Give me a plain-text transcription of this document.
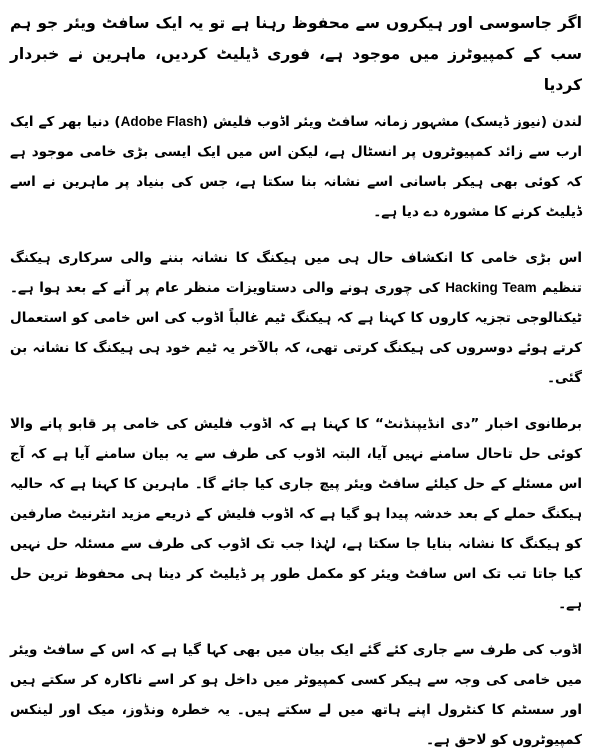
اگر جاسوسی اور ہیکروں سے محفوظ رہنا ہے تو یہ ایک سافٹ ویئر جو ہم سب کے کمپیوٹرز میں موجود ہے، فوری ڈیلیٹ کردیں، ماہرین نے خبردار کردیا

لندن (نیوز ڈیسک) مشہور زمانہ سافٹ ویئر اڈوب فلیش (Adobe Flash) دنیا بھر کے ایک ارب سے زائد کمپیوٹروں پر انسٹال ہے، لیکن اس میں ایک ایسی بڑی خامی موجود ہے کہ کوئی بھی ہیکر باسانی اسے نشانہ بنا سکتا ہے، جس کی بنیاد پر ماہرین نے اسے ڈیلیٹ کرنے کا مشورہ دے دیا ہے۔

اس بڑی خامی کا انکشاف حال ہی میں ہیکنگ کا نشانہ بننے والی سرکاری ہیکنگ تنظیم Hacking Team کی چوری ہونے والی دستاویزات منظر عام پر آنے کے بعد ہوا ہے۔ ٹیکنالوجی تجزیہ کاروں کا کہنا ہے کہ ہیکنگ ٹیم غالباً اڈوب کی اس خامی کو استعمال کرتے ہوئے دوسروں کی ہیکنگ کرتی تھی، کہ بالآخر یہ ٹیم خود ہی ہیکنگ کا نشانہ بن گئی۔

برطانوی اخبار ”دی انڈیپنڈنٹ“ کا کہنا ہے کہ اڈوب فلیش کی خامی پر قابو پانے والا کوئی حل تاحال سامنے نہیں آیا، البتہ اڈوب کی طرف سے یہ بیان سامنے آیا ہے کہ آج اس مسئلے کے حل کیلئے سافٹ ویئر پیچ جاری کیا جائے گا۔ ماہرین کا کہنا ہے کہ حالیہ ہیکنگ حملے کے بعد خدشہ پیدا ہو گیا ہے کہ اڈوب فلیش کے ذریعے مزید انٹرنیٹ صارفین کو ہیکنگ کا نشانہ بنایا جا سکتا ہے، لہٰذا جب تک اڈوب کی طرف سے مسئلہ حل نہیں کیا جاتا تب تک اس سافٹ ویئر کو مکمل طور پر ڈیلیٹ کر دینا ہی محفوظ ترین حل ہے۔

اڈوب کی طرف سے جاری کئے گئے ایک بیان میں بھی کہا گیا ہے کہ اس کے سافٹ ویئر میں خامی کی وجہ سے ہیکر کسی کمپیوٹر میں داخل ہو کر اسے ناکارہ کر سکتے ہیں اور سسٹم کا کنٹرول اپنے ہاتھ میں لے سکتے ہیں۔ یہ خطرہ ونڈوز، میک اور لینکس کمپیوٹروں کو لاحق ہے۔
